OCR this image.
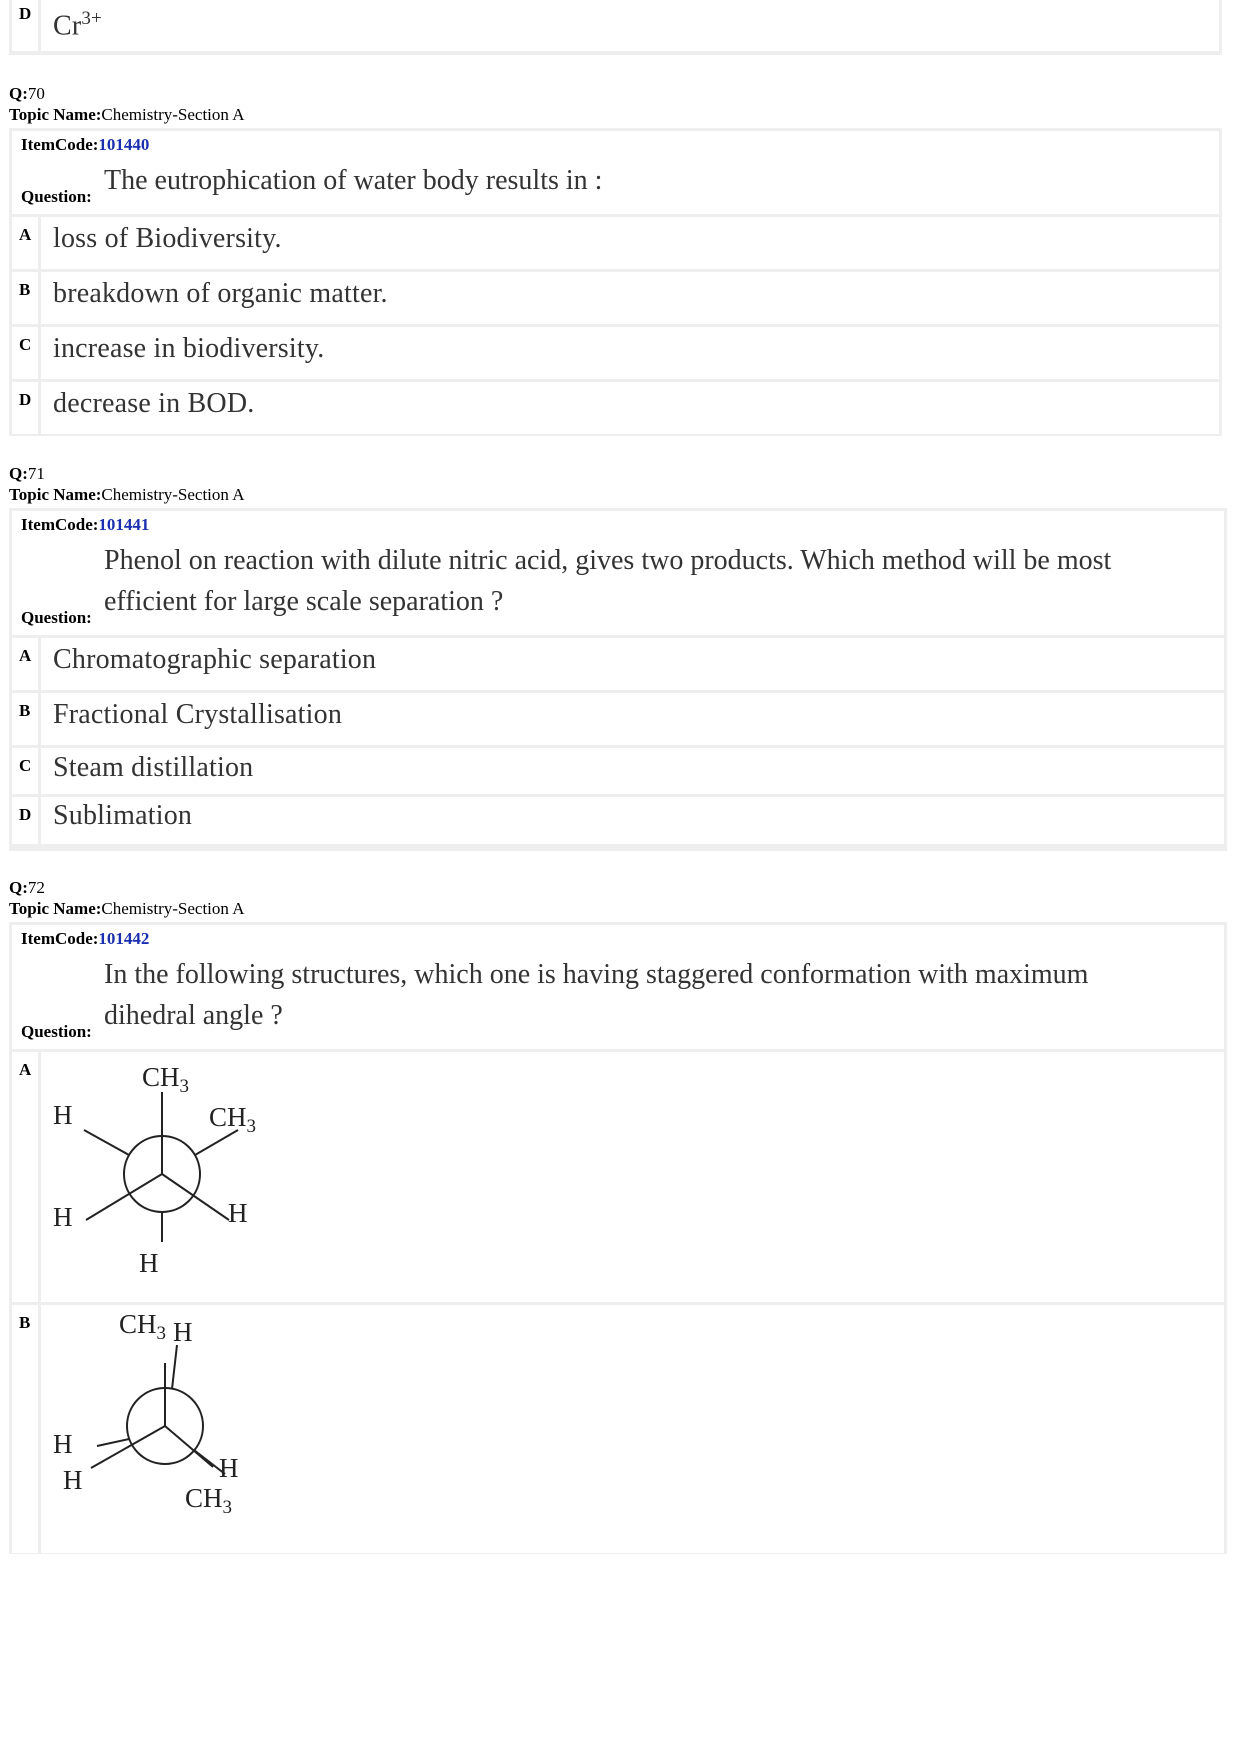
D $Cr^{3+}$
Q:70
Topic Name:Chemistry-Section A
ItemCode:101440
The eutrophication of water body results in :
Question:
A loss of Biodiversity.
B breakdown of organic matter.
C increase in biodiversity.
D decrease in BOD.
Q:71
Topic Name:Chemistry-Section A
ItemCode:101441
Phenol on reaction with dilute nitric acid, gives two products. Which method will be most
efficient for large scale separation ?
Question:
A Chromatographic separation
B Fractional Crystallisation
C Steam distillation
D Sublimation
Q:72
Topic Name:Chemistry-Section A
ItemCode:101442
In the following structures, which one is having staggered conformation with maximum
dihedral angle ?
Question:
A	$CH_3$
$CH_3$
H
H	H
H
B	$CH_3$ H
H
H	H
$CH_3$
